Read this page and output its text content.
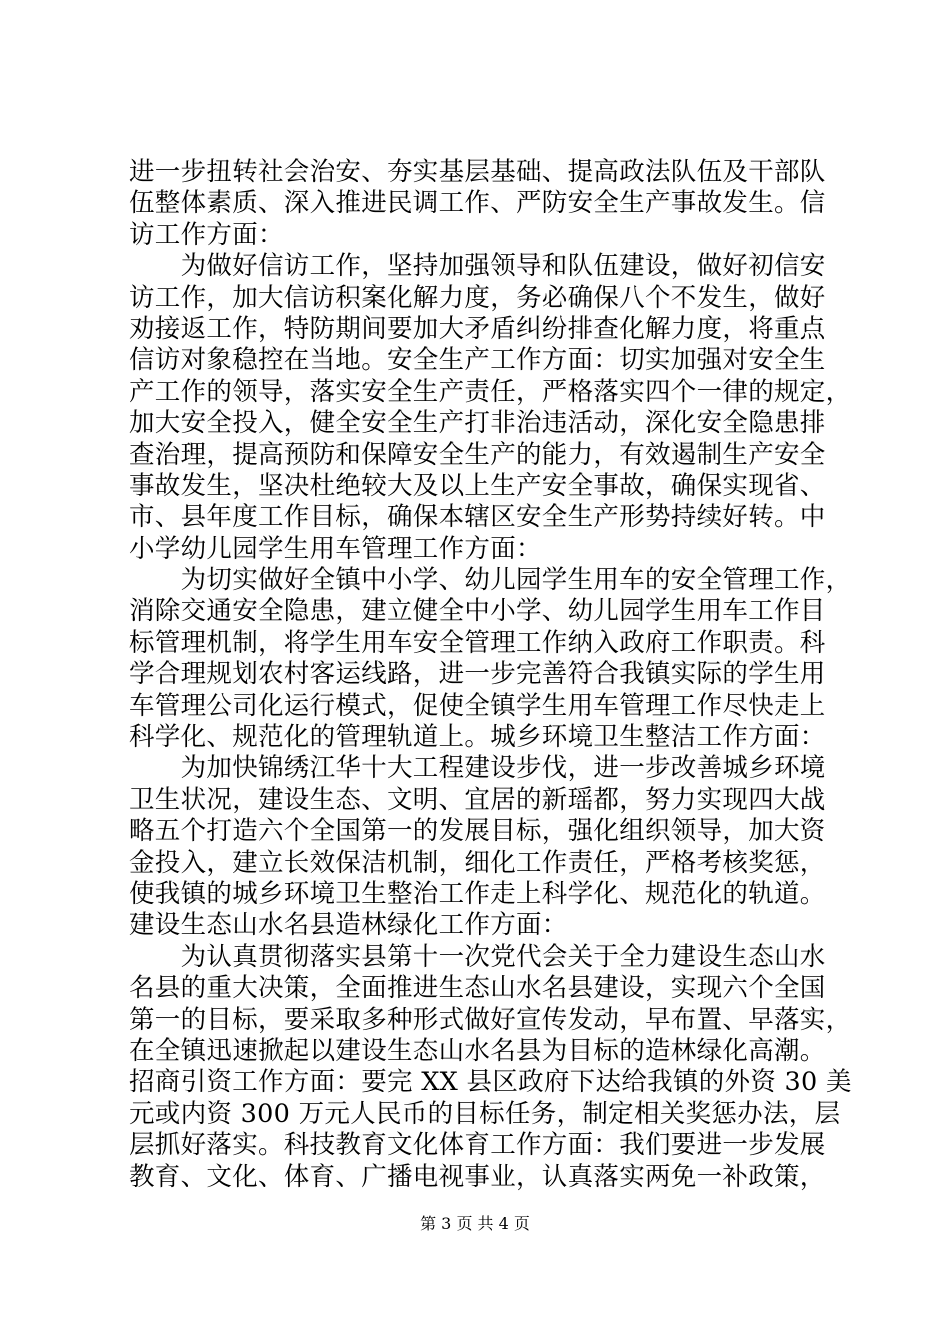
进一步扭转社会治安、夯实基层基础、提高政法队伍及干部队
伍整体素质、深入推进民调工作、严防安全生产事故发生。信
访工作方面：
　　为做好信访工作，坚持加强领导和队伍建设，做好初信安
访工作，加大信访积案化解力度，务必确保八个不发生，做好
劝接返工作，特防期间要加大矛盾纠纷排查化解力度，将重点
信访对象稳控在当地。安全生产工作方面：切实加强对安全生
产工作的领导，落实安全生产责任，严格落实四个一律的规定，
加大安全投入，健全安全生产打非治违活动，深化安全隐患排
查治理，提高预防和保障安全生产的能力，有效遏制生产安全
事故发生，坚决杜绝较大及以上生产安全事故，确保实现省、
市、县年度工作目标，确保本辖区安全生产形势持续好转。中
小学幼儿园学生用车管理工作方面：
　　为切实做好全镇中小学、幼儿园学生用车的安全管理工作，
消除交通安全隐患，建立健全中小学、幼儿园学生用车工作目
标管理机制，将学生用车安全管理工作纳入政府工作职责。科
学合理规划农村客运线路，进一步完善符合我镇实际的学生用
车管理公司化运行模式，促使全镇学生用车管理工作尽快走上
科学化、规范化的管理轨道上。城乡环境卫生整洁工作方面：
　　为加快锦绣江华十大工程建设步伐，进一步改善城乡环境
卫生状况，建设生态、文明、宜居的新瑶都，努力实现四大战
略五个打造六个全国第一的发展目标，强化组织领导，加大资
金投入，建立长效保洁机制，细化工作责任，严格考核奖惩，
使我镇的城乡环境卫生整治工作走上科学化、规范化的轨道。
建设生态山水名县造林绿化工作方面：
　　为认真贯彻落实县第十一次党代会关于全力建设生态山水
名县的重大决策，全面推进生态山水名县建设，实现六个全国
第一的目标，要采取多种形式做好宣传发动，早布置、早落实，
在全镇迅速掀起以建设生态山水名县为目标的造林绿化高潮。
招商引资工作方面：要完 XX 县区政府下达给我镇的外资 30 美
元或内资 300 万元人民币的目标任务，制定相关奖惩办法，层
层抓好落实。科技教育文化体育工作方面：我们要进一步发展
教育、文化、体育、广播电视事业，认真落实两免一补政策，
第 3 页 共 4 页
